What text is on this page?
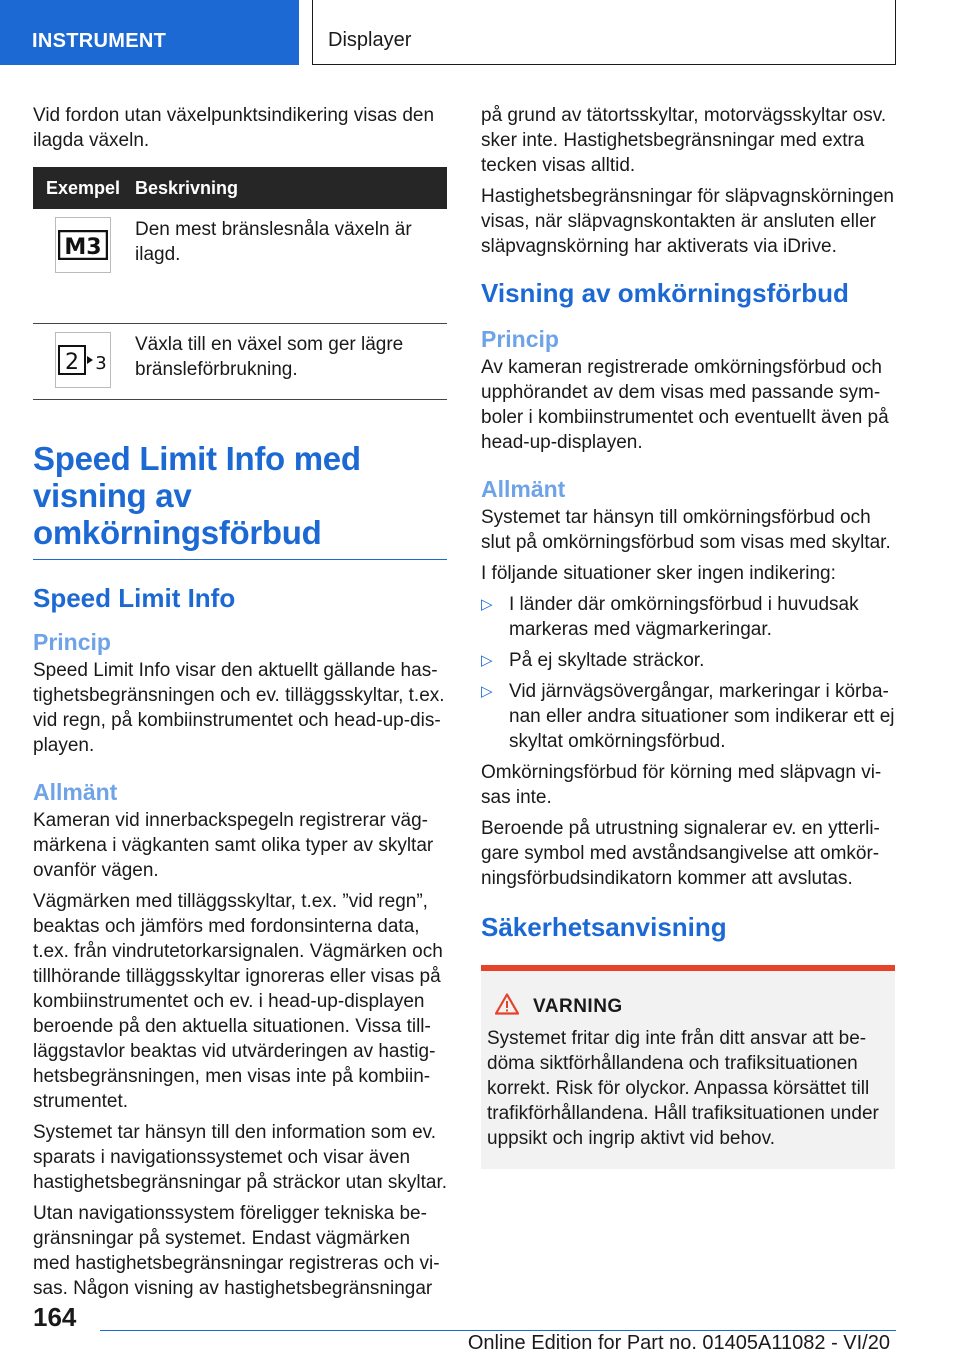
INSTRUMENT	Displayer

Vid fordon utan växelpunktsindikering visas den ilagda växeln.

Exempel	Beskrivning

M3	Den mest bränslesnåla växeln är ilagd.

2 3	Växla till en växel som ger lägre bränsleförbrukning.
Speed Limit Info med
visning av
omkörningsförbud
Speed Limit Info
Princip

Speed Limit Info visar den aktuellt gällande has-tighetsbegränsningen och ev. tilläggsskyltar, t.ex. vid regn, på kombiinstrumentet och head-up-dis-playen.

Allmänt

Kameran vid innerbackspegeln registrerar väg-märkena i vägkanten samt olika typer av skyltar ovanför vägen.

Vägmärken med tilläggsskyltar, t.ex. ”vid regn”, beaktas och jämförs med fordonsinterna data, t.ex. från vindrutetorkarsignalen. Vägmärken och tillhörande tilläggsskyltar ignoreras eller visas på kombiinstrumentet och ev. i head-up-displayen beroende på den aktuella situationen. Vissa till-läggstavlor beaktas vid utvärderingen av hastig-hetsbegränsningen, men visas inte på kombiin-strumentet.

Systemet tar hänsyn till den information som ev. sparats i navigationssystemet och visar även hastighetsbegränsningar på sträckor utan skyltar.

Utan navigationssystem föreligger tekniska be-gränsningar på systemet. Endast vägmärken med hastighetsbegränsningar registreras och vi-sas. Någon visning av hastighetsbegränsningar

på grund av tätortsskyltar, motorvägsskyltar osv. sker inte. Hastighetsbegränsningar med extra tecken visas alltid.

Hastighetsbegränsningar för släpvagnskörningen visas, när släpvagnskontakten är ansluten eller släpvagnskörning har aktiverats via iDrive.

Visning av omkörningsförbud
Princip

Av kameran registrerade omkörningsförbud och upphörandet av dem visas med passande sym-boler i kombiinstrumentet och eventuellt även på head-up-displayen.

Allmänt

Systemet tar hänsyn till omkörningsförbud och slut på omkörningsförbud som visas med skyltar.

I följande situationer sker ingen indikering:

▷ I länder där omkörningsförbud i huvudsak markeras med vägmarkeringar.
▷ På ej skyltade sträckor.
▷ Vid järnvägsövergångar, markeringar i körba-nan eller andra situationer som indikerar ett ej skyltat omkörningsförbud.

Omkörningsförbud för körning med släpvagn vi-sas inte.

Beroende på utrustning signalerar ev. en ytterli-gare symbol med avståndsangivelse att omkör-ningsförbudsindikatorn kommer att avslutas.

Säkerhetsanvisning
VARNING

Systemet fritar dig inte från ditt ansvar att be-döma siktförhållandena och trafiksituationen korrekt. Risk för olyckor. Anpassa körsättet till trafikförhållandena. Håll trafiksituationen under uppsikt och ingrip aktivt vid behov.

164
Online Edition for Part no. 01405A11082 - VI/20
